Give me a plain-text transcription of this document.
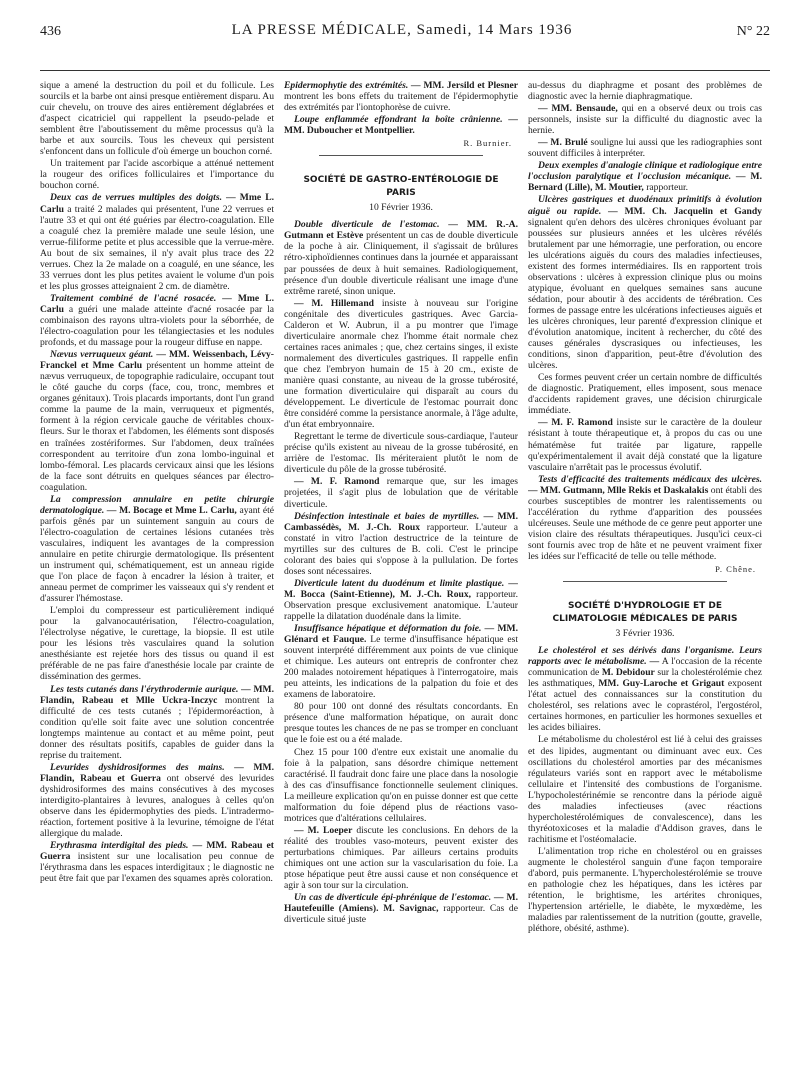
436	LA PRESSE MÉDICALE, Samedi, 14 Mars 1936	N° 22

sique a amené la destruction du poil et du follicule. Les sourcils et la barbe ont ainsi presque entièrement disparu. Au cuir chevelu, on trouve des aires entièrement déglabrées et d'aspect cicatriciel qui rappellent la pseudo-pelade et semblent être l'aboutissement du même processus qu'à la barbe et aux sourcils. Tous les cheveux qui persistent s'enfoncent dans un follicule d'où émerge un bouchon corné.

Un traitement par l'acide ascorbique a atténué nettement la rougeur des orifices folliculaires et l'importance du bouchon corné.

Deux cas de verrues multiples des doigts. — Mme L. Carlu a traité 2 malades qui présentent, l'une 22 verrues et l'autre 33 et qui ont été guéries par électro-coagulation. Elle a coagulé chez la première malade une seule lésion, une verrue-filiforme petite et plus accessible que la verrue-mère. Au bout de six semaines, il n'y avait plus trace des 22 verrues. Chez la 2e malade on a coagulé, en une séance, les 33 verrues dont les plus petites avaient le volume d'un pois et les plus grosses atteignaient 2 cm. de diamètre.

Traitement combiné de l'acné rosacée. — Mme L. Carlu a guéri une malade atteinte d'acné rosacée par la combinaison des rayons ultra-violets pour la séborrhée, de l'électro-coagulation pour les télangiectasies et les nodules profonds, et du massage pour la rougeur diffuse en nappe.

Nævus verruqueux géant. — MM. Weissenbach, Lévy-Franckel et Mme Carlu présentent un homme atteint de nævus verruqueux, de topographie radiculaire, occupant tout le côté gauche du corps (face, cou, tronc, membres et organes génitaux). Trois placards importants, dont l'un grand comme la paume de la main, verruqueux et pigmentés, forment à la région cervicale gauche de véritables choux-fleurs. Sur le thorax et l'abdomen, les éléments sont disposés en traînées zostériformes. Sur l'abdomen, deux traînées correspondent au territoire d'un zona lombo-inguinal et lombo-fémoral. Les placards cervicaux ainsi que les lésions de la face sont détruits en quelques séances par électro-coagulation.

La compression annulaire en petite chirurgie dermatologique. — M. Bocage et Mme L. Carlu, ayant été parfois gênés par un suintement sanguin au cours de l'électro-coagulation de certaines lésions cutanées très vasculaires, indiquent les avantages de la compression annulaire en petite chirurgie dermatologique. Ils présentent un instrument qui, schématiquement, est un anneau rigide que l'on place de façon à encadrer la lésion à traiter, et anneau permet de comprimer les vaisseaux qui s'y rendent et d'assurer l'hémostase.

L'emploi du compresseur est particulièrement indiqué pour la galvanocautérisation, l'électro-coagulation, l'électrolyse négative, le curettage, la biopsie. Il est utile pour les lésions très vasculaires quand la solution anesthésiante est rejetée hors des tissus ou quand il est préférable de ne pas faire d'anesthésie locale par crainte de dissémination des germes.

Les tests cutanés dans l'érythrodermie aurique. — MM. Flandin, Rabeau et Mlle Uckra-Inczyc montrent la difficulté de ces tests cutanés ; l'épidermoréaction, à condition qu'elle soit faite avec une solution concentrée longtemps maintenue au contact et au même point, peut donner des résultats positifs, capables de guider dans la reprise du traitement.

Levurides dyshidrosiformes des mains. — MM. Flandin, Rabeau et Guerra ont observé des levurides dyshidrosiformes des mains consécutives à des mycoses interdigito-plantaires à levures, analogues à celles qu'on observe dans les épidermophyties des pieds. L'intradermo-réaction, fortement positive à la levurine, témoigne de l'état allergique du malade.

Erythrasma interdigital des pieds. — MM. Rabeau et Guerra insistent sur une localisation peu connue de l'érythrasma dans les espaces interdigitaux ; le diagnostic ne peut être fait que par l'examen des squames après coloration.

Epidermophytie des extrémités. — MM. Jersild et Plesner montrent les bons effets du traitement de l'épidermophytie des extrémités par l'iontophorèse de cuivre.

Loupe enflammée effondrant la boîte crânienne. — MM. Duboucher et Montpellier.

R. Burnier.
SOCIÉTÉ DE GASTRO-ENTÉROLOGIE DE PARIS
10 Février 1936.

Double diverticule de l'estomac. — MM. R.-A. Gutmann et Estève présentent un cas de double diverticule de la poche à air. Cliniquement, il s'agissait de brûlures rétro-xiphoïdiennes continues dans la journée et apparaissant par poussées de deux à huit semaines. Radiologiquement, présence d'un double diverticule réalisant une image d'une extrême rareté, sinon unique.

— M. Hillemand insiste à nouveau sur l'origine congénitale des diverticules gastriques. Avec Garcia-Calderon et W. Aubrun, il a pu montrer que l'image diverticulaire anormale chez l'homme était normale chez certaines races animales ; que, chez certains singes, il existe normalement des diverticules gastriques. Il rappelle enfin que chez l'embryon humain de 15 à 20 cm., existe de manière quasi constante, au niveau de la grosse tubérosité, une formation diverticulaire qui disparaît au cours du développement. Le diverticule de l'estomac pourrait donc être considéré comme la persistance anormale, à l'âge adulte, d'un état embryonnaire.

Regrettant le terme de diverticule sous-cardiaque, l'auteur précise qu'ils existent au niveau de la grosse tubérosité, en arrière de l'estomac. Ils mériteraient plutôt le nom de diverticule du pôle de la grosse tubérosité.

— M. F. Ramond remarque que, sur les images projetées, il s'agit plus de lobulation que de véritable diverticule.

Désinfection intestinale et baies de myrtilles. — MM. Cambassédès, M. J.-Ch. Roux rapporteur. L'auteur a constaté in vitro l'action destructrice de la teinture de myrtilles sur des cultures de B. coli. C'est le principe colorant des baies qui s'oppose à la pullulation. De fortes doses sont nécessaires.

Diverticule latent du duodénum et limite plastique. — M. Bocca (Saint-Etienne), M. J.-Ch. Roux, rapporteur. Observation presque exclusivement anatomique. L'auteur rappelle la dilatation duodénale dans la limite.

Insuffisance hépatique et déformation du foie. — MM. Glénard et Fauque. Le terme d'insuffisance hépatique est souvent interprété différemment aux points de vue clinique et chimique. Les auteurs ont entrepris de confronter chez 200 malades notoirement hépatiques à l'interrogatoire, mais peu atteints, les indications de la palpation du foie et des examens de laboratoire.

80 pour 100 ont donné des résultats concordants. En présence d'une malformation hépatique, on aurait donc presque toutes les chances de ne pas se tromper en concluant que le foie est ou a été malade.

Chez 15 pour 100 d'entre eux existait une anomalie du foie à la palpation, sans désordre chimique nettement caractérisé. Il faudrait donc faire une place dans la nosologie à des cas d'insuffisance fonctionnelle seulement cliniques. La meilleure explication qu'on en puisse donner est que cette malformation du foie dépend plus de réactions vaso-motrices que d'altérations cellulaires.

— M. Loeper discute les conclusions. En dehors de la réalité des troubles vaso-moteurs, peuvent exister des perturbations chimiques. Par ailleurs certains produits chimiques ont une action sur la vascularisation du foie. La ptose hépatique peut être aussi cause et non conséquence et agir à son tour sur la circulation.

Un cas de diverticule épi-phrénique de l'estomac. — M. Hautefeuille (Amiens). M. Savignac, rapporteur. Cas de diverticule situé juste

au-dessus du diaphragme et posant des problèmes de diagnostic avec la hernie diaphragmatique.

— MM. Bensaude, qui en a observé deux ou trois cas personnels, insiste sur la difficulté du diagnostic avec la hernie.

— M. Brulé souligne lui aussi que les radiographies sont souvent difficiles à interpréter.

Deux exemples d'analogie clinique et radiologique entre l'occlusion paralytique et l'occlusion mécanique. — M. Bernard (Lille), M. Moutier, rapporteur.

Ulcères gastriques et duodénaux primitifs à évolution aiguë ou rapide. — MM. Ch. Jacquelin et Gandy signalent qu'en dehors des ulcères chroniques évoluant par poussées sur plusieurs années et les ulcères révélés brutalement par une hémorragie, une perforation, ou encore les ulcérations aiguës du cours des maladies infectieuses, existent des formes intermédiaires. Ils en rapportent trois observations : ulcères à expression clinique plus ou moins atypique, évoluant en quelques semaines sans aucune sédation, pour aboutir à des accidents de térébration. Ces formes de passage entre les ulcérations infectieuses aiguës et les ulcères chroniques, leur parenté d'expression clinique et d'évolution anatomique, incitent à rechercher, du côté des causes générales dyscrasiques ou infectieuses, les conditions, sinon d'apparition, peut-être d'évolution des ulcères.

Ces formes peuvent créer un certain nombre de difficultés de diagnostic. Pratiquement, elles imposent, sous menace d'accidents rapidement graves, une décision chirurgicale immédiate.

— M. F. Ramond insiste sur le caractère de la douleur résistant à toute thérapeutique et, à propos du cas ou une hématémèse fut traitée par ligature, rappelle qu'expérimentalement il avait déjà constaté que la ligature vasculaire n'arrêtait pas le processus évolutif.

Tests d'efficacité des traitements médicaux des ulcères. — MM. Gutmann, Mlle Rekis et Daskalakis ont établi des courbes susceptibles de montrer les ralentissements ou l'accélération du rythme d'apparition des poussées ulcéreuses. Seule une méthode de ce genre peut apporter une vision claire des résultats thérapeutiques. Jusqu'ici ceux-ci sont fournis avec trop de hâte et ne peuvent vraiment fixer les idées sur l'efficacité de telle ou telle méthode.

P. Chêne.
SOCIÉTÉ D'HYDROLOGIE ET DE CLIMATOLOGIE MÉDICALES DE PARIS
3 Février 1936.

Le cholestérol et ses dérivés dans l'organisme. Leurs rapports avec le métabolisme. — A l'occasion de la récente communication de M. Debidour sur la cholestérolémie chez les asthmatiques, MM. Guy-Laroche et Grigaut exposent l'état actuel des connaissances sur la constitution du cholestérol, ses relations avec le coprastérol, l'ergostérol, certaines hormones, en particulier les hormones sexuelles et les acides biliaires.

Le métabolisme du cholestérol est lié à celui des graisses et des lipides, augmentant ou diminuant avec eux. Ces oscillations du cholestérol amorties par des mécanismes régulateurs variés sont en rapport avec le métabolisme cellulaire et l'intensité des combustions de l'organisme. L'hypocholestérinémie se rencontre dans la période aiguë des maladies infectieuses (avec réactions hypercholestérolémiques de convalescence), dans les thyréotoxicoses et la maladie d'Addison graves, dans le rachitisme et l'ostéomalacie.

L'alimentation trop riche en cholestérol ou en graisses augmente le cholestérol sanguin d'une façon temporaire d'abord, puis permanente. L'hypercholestérolémie se trouve en pathologie chez les hépatiques, dans les ictères par rétention, le brightisme, les artérites chroniques, l'hypertension artérielle, le diabète, le myxœdème, les maladies par ralentissement de la nutrition (goutte, gravelle, pléthore, obésité, asthme).
